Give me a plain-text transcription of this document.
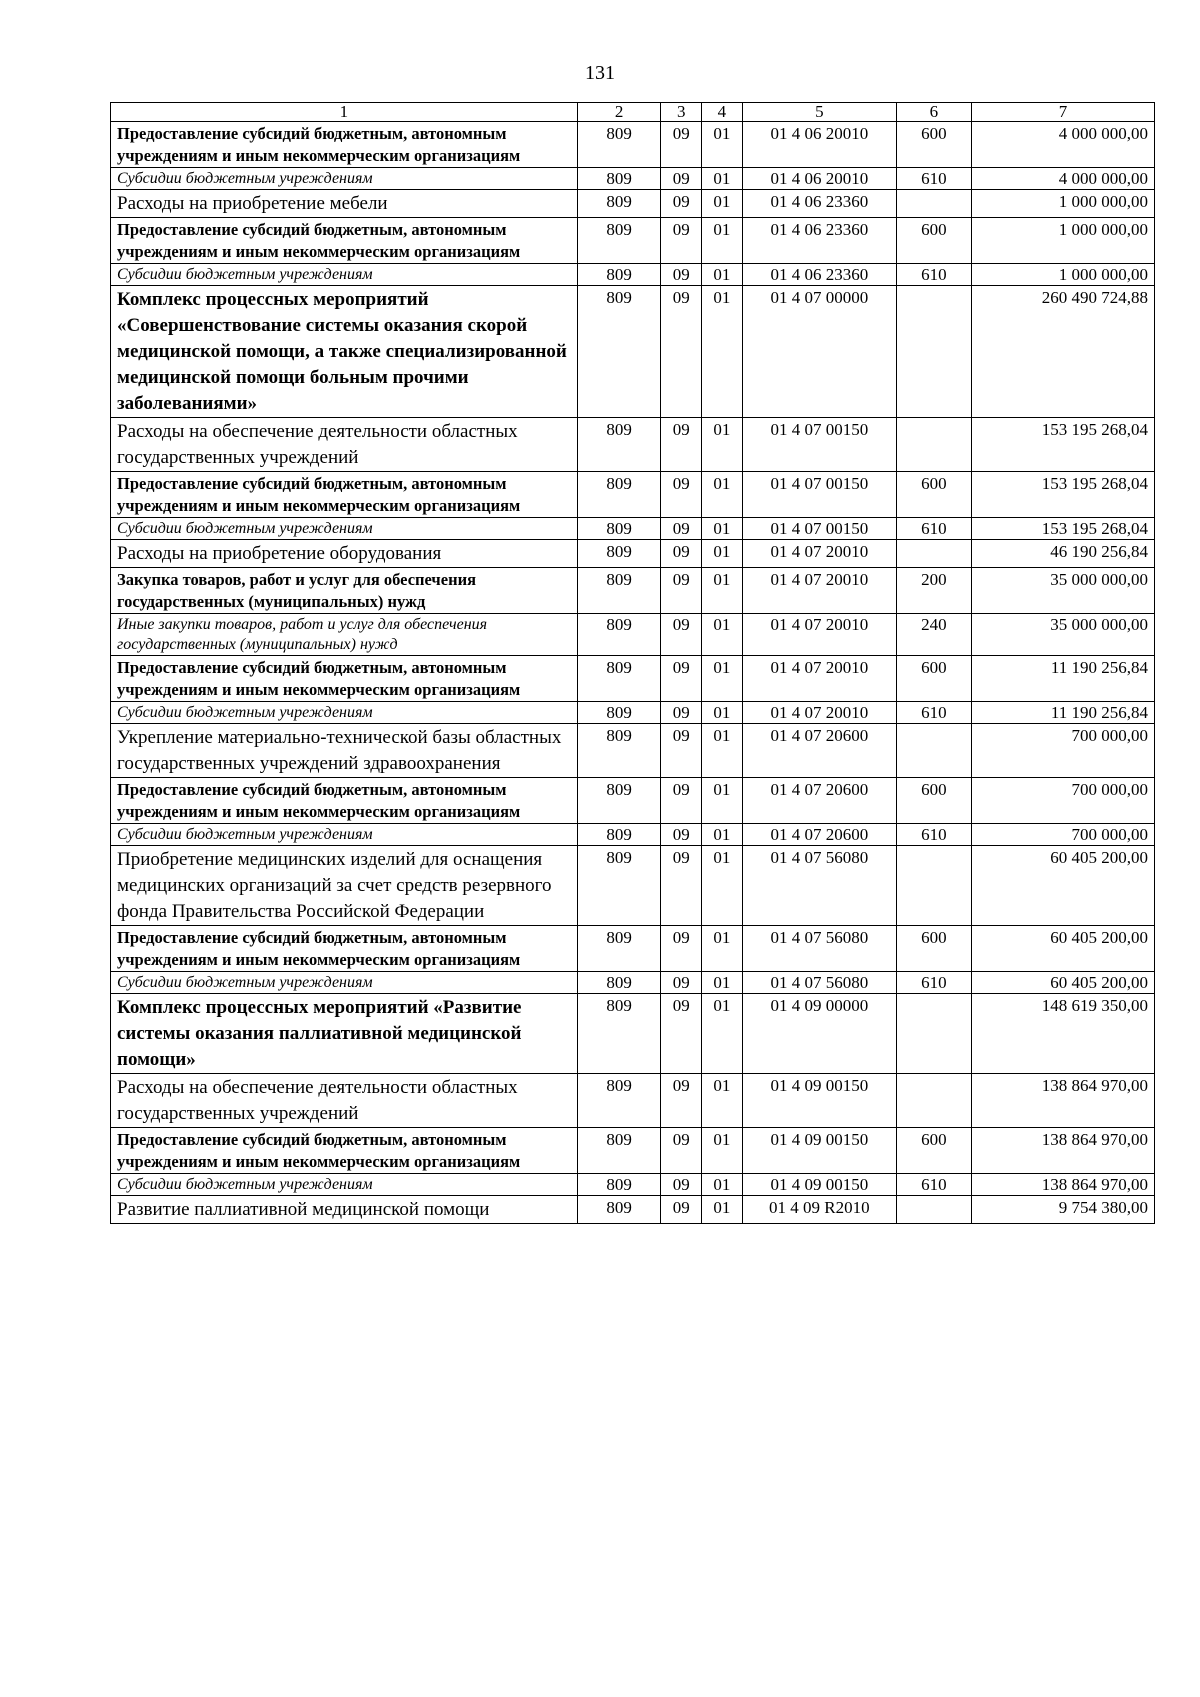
131
1	2	3	4	5	6	7
Предоставление субсидий бюджетным, автономным учреждениям и иным некоммерческим организациям	809	09	01	01 4 06 20010	600	4 000 000,00
Субсидии бюджетным учреждениям	809	09	01	01 4 06 20010	610	4 000 000,00
Расходы на приобретение мебели	809	09	01	01 4 06 23360		1 000 000,00
Предоставление субсидий бюджетным, автономным учреждениям и иным некоммерческим организациям	809	09	01	01 4 06 23360	600	1 000 000,00
Субсидии бюджетным учреждениям	809	09	01	01 4 06 23360	610	1 000 000,00
Комплекс процессных мероприятий «Совершенствование системы оказания скорой медицинской помощи, а также специализированной медицинской помощи больным прочими заболеваниями»	809	09	01	01 4 07 00000		260 490 724,88
Расходы на обеспечение деятельности областных государственных учреждений	809	09	01	01 4 07 00150		153 195 268,04
Предоставление субсидий бюджетным, автономным учреждениям и иным некоммерческим организациям	809	09	01	01 4 07 00150	600	153 195 268,04
Субсидии бюджетным учреждениям	809	09	01	01 4 07 00150	610	153 195 268,04
Расходы на приобретение оборудования	809	09	01	01 4 07 20010		46 190 256,84
Закупка товаров, работ и услуг для обеспечения государственных (муниципальных) нужд	809	09	01	01 4 07 20010	200	35 000 000,00
Иные закупки товаров, работ и услуг для обеспечения государственных (муниципальных) нужд	809	09	01	01 4 07 20010	240	35 000 000,00
Предоставление субсидий бюджетным, автономным учреждениям и иным некоммерческим организациям	809	09	01	01 4 07 20010	600	11 190 256,84
Субсидии бюджетным учреждениям	809	09	01	01 4 07 20010	610	11 190 256,84
Укрепление материально-технической базы областных государственных учреждений здравоохранения	809	09	01	01 4 07 20600		700 000,00
Предоставление субсидий бюджетным, автономным учреждениям и иным некоммерческим организациям	809	09	01	01 4 07 20600	600	700 000,00
Субсидии бюджетным учреждениям	809	09	01	01 4 07 20600	610	700 000,00
Приобретение медицинских изделий для оснащения медицинских организаций за счет средств резервного фонда Правительства Российской Федерации	809	09	01	01 4 07 56080		60 405 200,00
Предоставление субсидий бюджетным, автономным учреждениям и иным некоммерческим организациям	809	09	01	01 4 07 56080	600	60 405 200,00
Субсидии бюджетным учреждениям	809	09	01	01 4 07 56080	610	60 405 200,00
Комплекс процессных мероприятий «Развитие системы оказания паллиативной медицинской помощи»	809	09	01	01 4 09 00000		148 619 350,00
Расходы на обеспечение деятельности областных государственных учреждений	809	09	01	01 4 09 00150		138 864 970,00
Предоставление субсидий бюджетным, автономным учреждениям и иным некоммерческим организациям	809	09	01	01 4 09 00150	600	138 864 970,00
Субсидии бюджетным учреждениям	809	09	01	01 4 09 00150	610	138 864 970,00
Развитие паллиативной медицинской помощи	809	09	01	01 4 09 R2010		9 754 380,00
